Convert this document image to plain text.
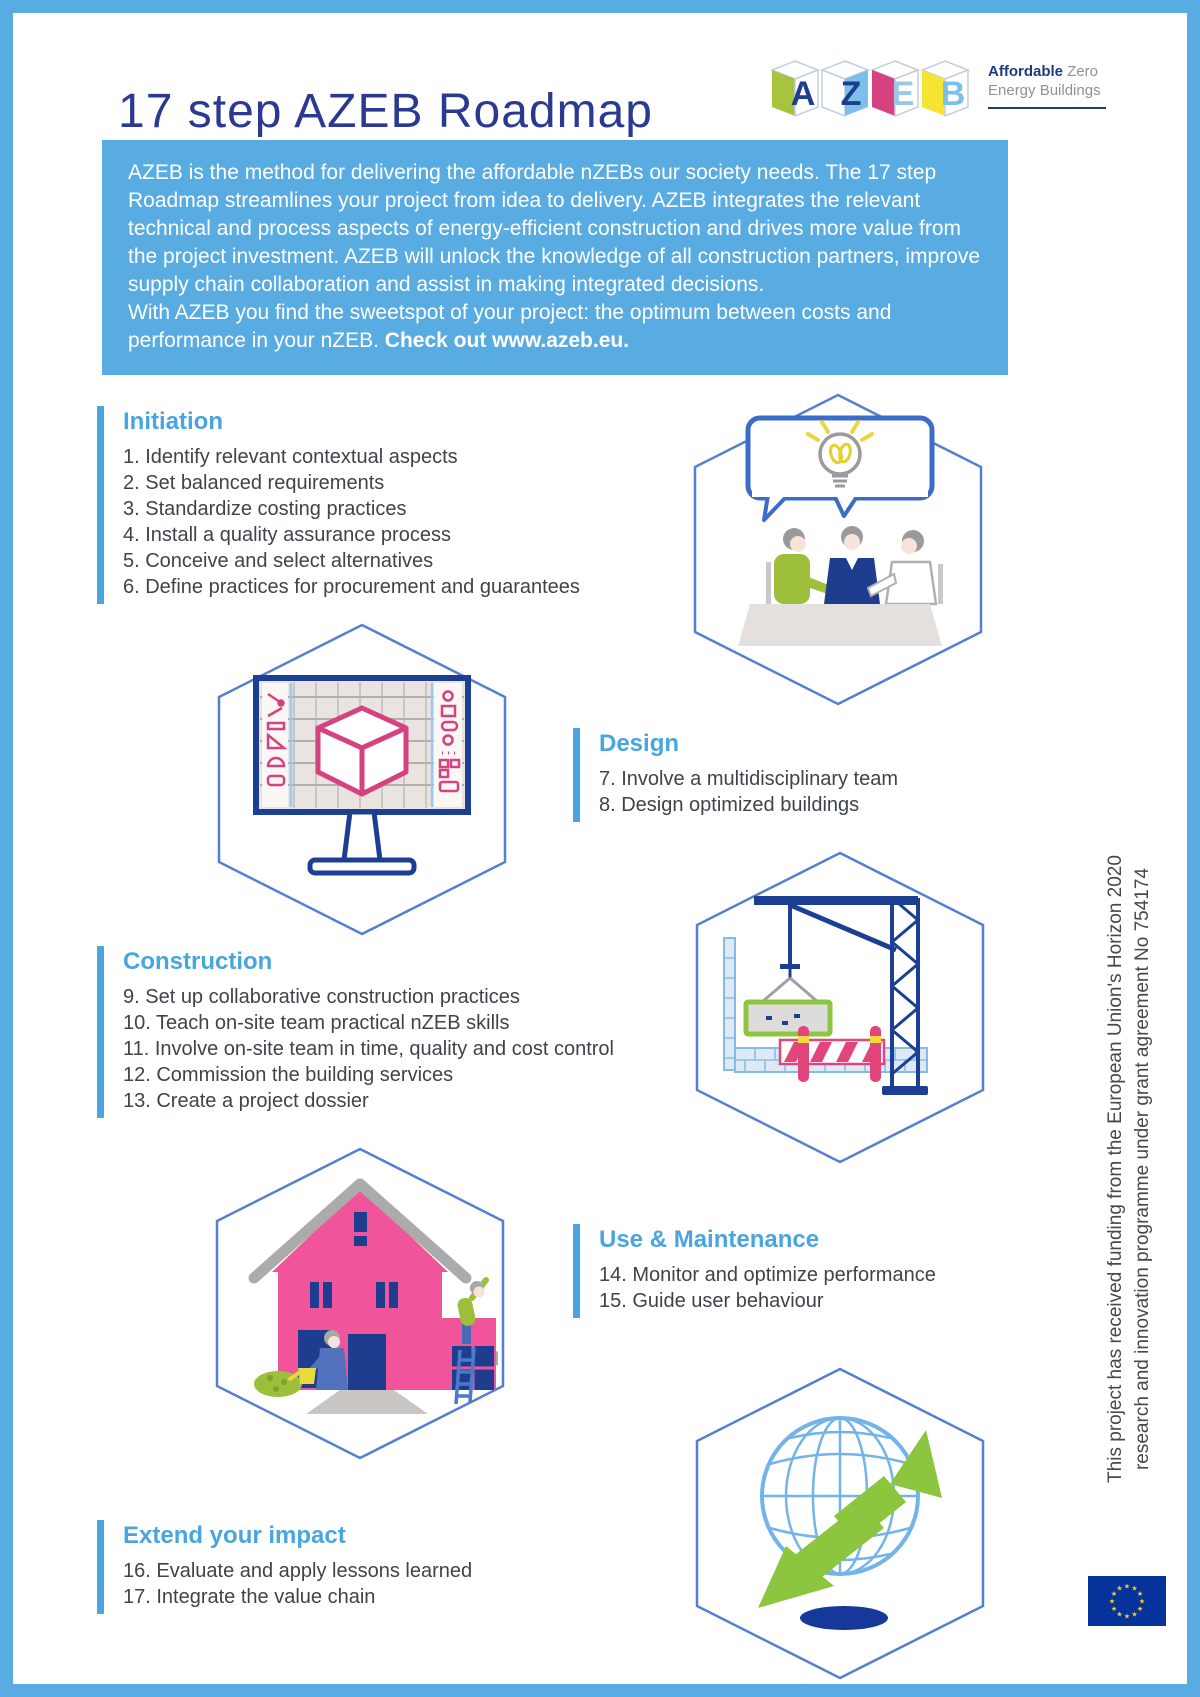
17 step AZEB Roadmap	A Z E B
Affordable Zero
Energy Buildings

AZEB is the method for delivering the affordable nZEBs our society needs. The 17 step Roadmap streamlines your project from idea to delivery. AZEB integrates the relevant technical and process aspects of energy-efficient construction and drives more value from the project investment. AZEB will unlock the knowledge of all construction partners, improve supply chain collaboration and assist in making integrated decisions.

With AZEB you find the sweetspot of your project: the optimum between costs and performance in your nZEB. Check out www.azeb.eu.

Initiation
1. Identify relevant contextual aspects
2. Set balanced requirements
3. Standardize costing practices
4. Install a quality assurance process
5. Conceive and select alternatives
6. Define practices for procurement and guarantees
Design
7. Involve a multidisciplinary team
8. Design optimized buildings
Construction
9. Set up collaborative construction practices
10. Teach on-site team practical nZEB skills
11. Involve on-site team in time, quality and cost control
12. Commission the building services
13. Create a project dossier
Use & Maintenance
14. Monitor and optimize performance
15. Guide user behaviour
Extend your impact
16. Evaluate and apply lessons learned
17. Integrate the value chain
This project has received funding from the European Union's Horizon 2020 research and innovation programme under grant agreement No 754174
★ ★
★
★
★
★
★
★
★
★
★
★
